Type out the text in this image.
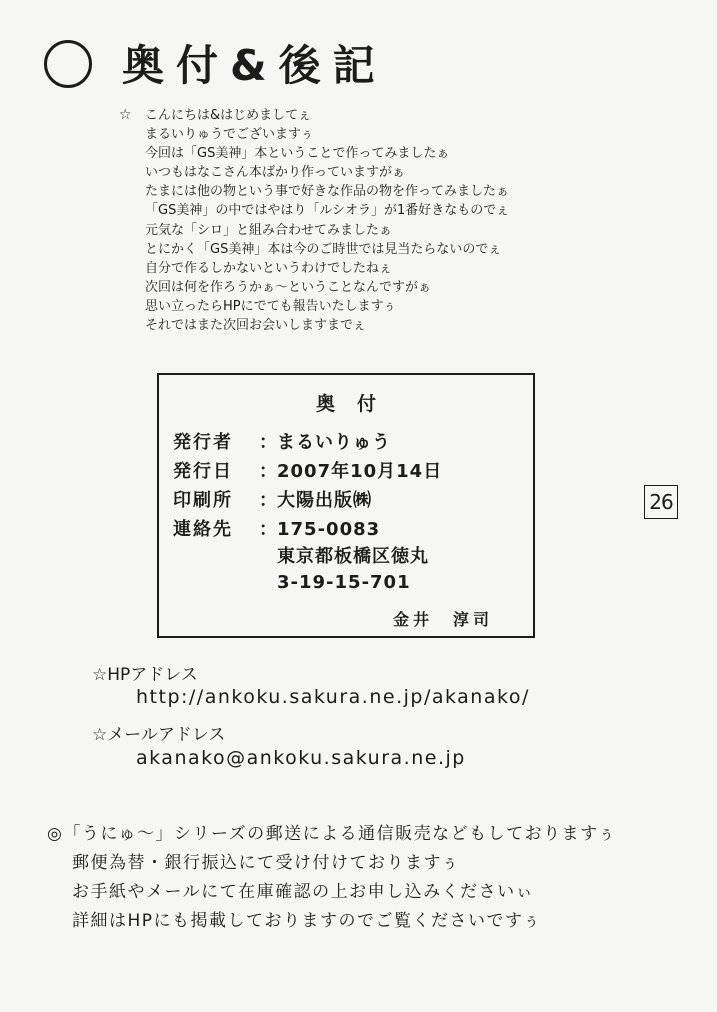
奥付&後記
☆ こんにちは&はじめましてぇ
まるいりゅうでございますぅ
今回は「GS美神」本ということで作ってみましたぁ
いつもはなこさん本ばかり作っていますがぁ
たまには他の物という事で好きな作品の物を作ってみましたぁ
「GS美神」の中ではやはり「ルシオラ」が1番好きなものでぇ
元気な「シロ」と組み合わせてみましたぁ
とにかく「GS美神」本は今のご時世では見当たらないのでぇ
自分で作るしかないというわけでしたねぇ
次回は何を作ろうかぁ～ということなんですがぁ
思い立ったらHPにでても報告いたしますぅ
それではまた次回お会いしますまでぇ
奥付
発行者 ：まるいりゅう
発行日 ：2007年10月14日
印刷所 ：大陽出版㈱
連絡先 ：175-0083
東京都板橋区徳丸
3-19-15-701
金井　淳司
26
☆HPアドレス
http://ankoku.sakura.ne.jp/akanako/
☆メールアドレス
akanako@ankoku.sakura.ne.jp
◎「うにゅ～」シリーズの郵送による通信販売などもしておりますぅ
郵便為替・銀行振込にて受け付けておりますぅ
お手紙やメールにて在庫確認の上お申し込みくださいぃ
詳細はHPにも掲載しておりますのでご覧くださいですぅ
